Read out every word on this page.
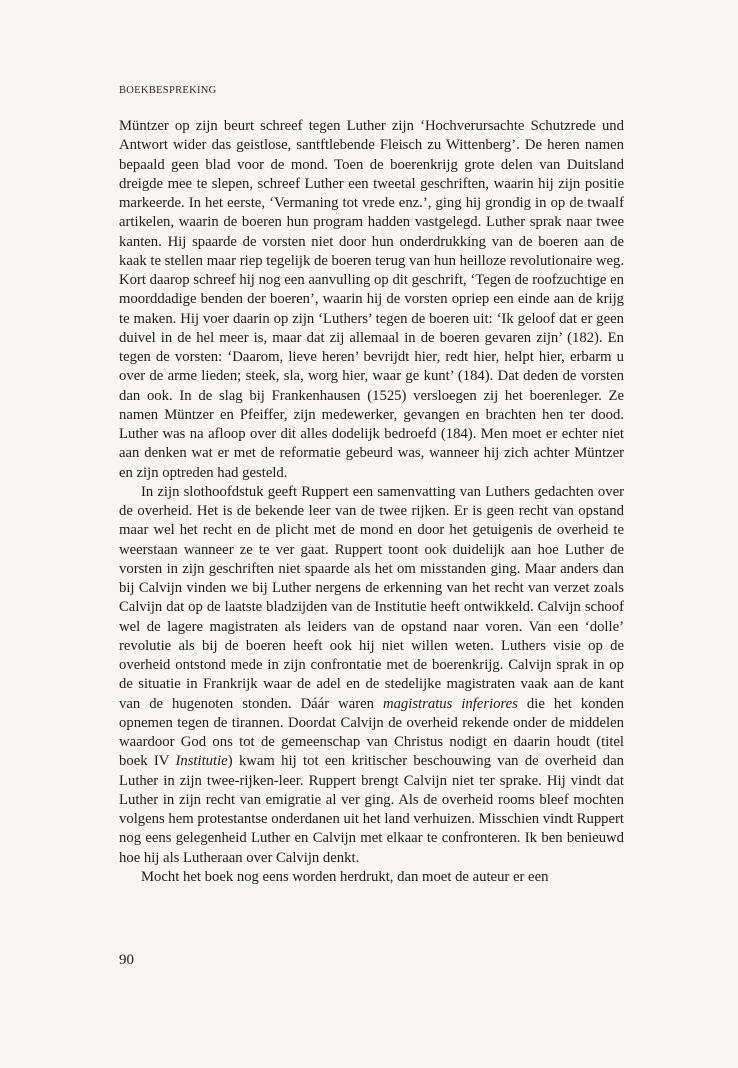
BOEKBESPREKING

Müntzer op zijn beurt schreef tegen Luther zijn ‘Hochverursachte Schutzrede und Antwort wider das geistlose, santftlebende Fleisch zu Wittenberg’. De heren namen bepaald geen blad voor de mond. Toen de boerenkrijg grote delen van Duitsland dreigde mee te slepen, schreef Luther een tweetal geschriften, waarin hij zijn positie markeerde. In het eerste, ‘Vermaning tot vrede enz.’, ging hij grondig in op de twaalf artikelen, waarin de boeren hun program hadden vastgelegd. Luther sprak naar twee kanten. Hij spaarde de vorsten niet door hun onderdrukking van de boeren aan de kaak te stellen maar riep tegelijk de boeren terug van hun heilloze revolutionaire weg. Kort daarop schreef hij nog een aanvulling op dit geschrift, ‘Tegen de roofzuchtige en moorddadige benden der boeren’, waarin hij de vorsten opriep een einde aan de krijg te maken. Hij voer daarin op zijn ‘Luthers’ tegen de boeren uit: ‘Ik geloof dat er geen duivel in de hel meer is, maar dat zij allemaal in de boeren gevaren zijn’ (182). En tegen de vorsten: ‘Daarom, lieve heren’ bevrijdt hier, redt hier, helpt hier, erbarm u over de arme lieden; steek, sla, worg hier, waar ge kunt’ (184). Dat deden de vorsten dan ook. In de slag bij Frankenhausen (1525) versloegen zij het boerenleger. Ze namen Müntzer en Pfeiffer, zijn medewerker, gevangen en brachten hen ter dood. Luther was na afloop over dit alles dodelijk bedroefd (184). Men moet er echter niet aan denken wat er met de reformatie gebeurd was, wanneer hij zich achter Müntzer en zijn optreden had gesteld.

In zijn slothoofdstuk geeft Ruppert een samenvatting van Luthers gedachten over de overheid. Het is de bekende leer van de twee rijken. Er is geen recht van opstand maar wel het recht en de plicht met de mond en door het getuigenis de overheid te weerstaan wanneer ze te ver gaat. Ruppert toont ook duidelijk aan hoe Luther de vorsten in zijn geschriften niet spaarde als het om misstanden ging. Maar anders dan bij Calvijn vinden we bij Luther nergens de erkenning van het recht van verzet zoals Calvijn dat op de laatste bladzijden van de Institutie heeft ontwikkeld. Calvijn schoof wel de lagere magistraten als leiders van de opstand naar voren. Van een ‘dolle’ revolutie als bij de boeren heeft ook hij niet willen weten. Luthers visie op de overheid ontstond mede in zijn confrontatie met de boerenkrijg. Calvijn sprak in op de situatie in Frankrijk waar de adel en de stedelijke magistraten vaak aan de kant van de hugenoten stonden. Dáár waren magistratus inferiores die het konden opnemen tegen de tirannen. Doordat Calvijn de overheid rekende onder de middelen waardoor God ons tot de gemeenschap van Christus nodigt en daarin houdt (titel boek IV Institutie) kwam hij tot een kritischer beschouwing van de overheid dan Luther in zijn twee-rijken-leer. Ruppert brengt Calvijn niet ter sprake. Hij vindt dat Luther in zijn recht van emigratie al ver ging. Als de overheid rooms bleef mochten volgens hem protestantse onderdanen uit het land verhuizen. Misschien vindt Ruppert nog eens gelegenheid Luther en Calvijn met elkaar te confronteren. Ik ben benieuwd hoe hij als Lutheraan over Calvijn denkt.

Mocht het boek nog eens worden herdrukt, dan moet de auteur er een

90
